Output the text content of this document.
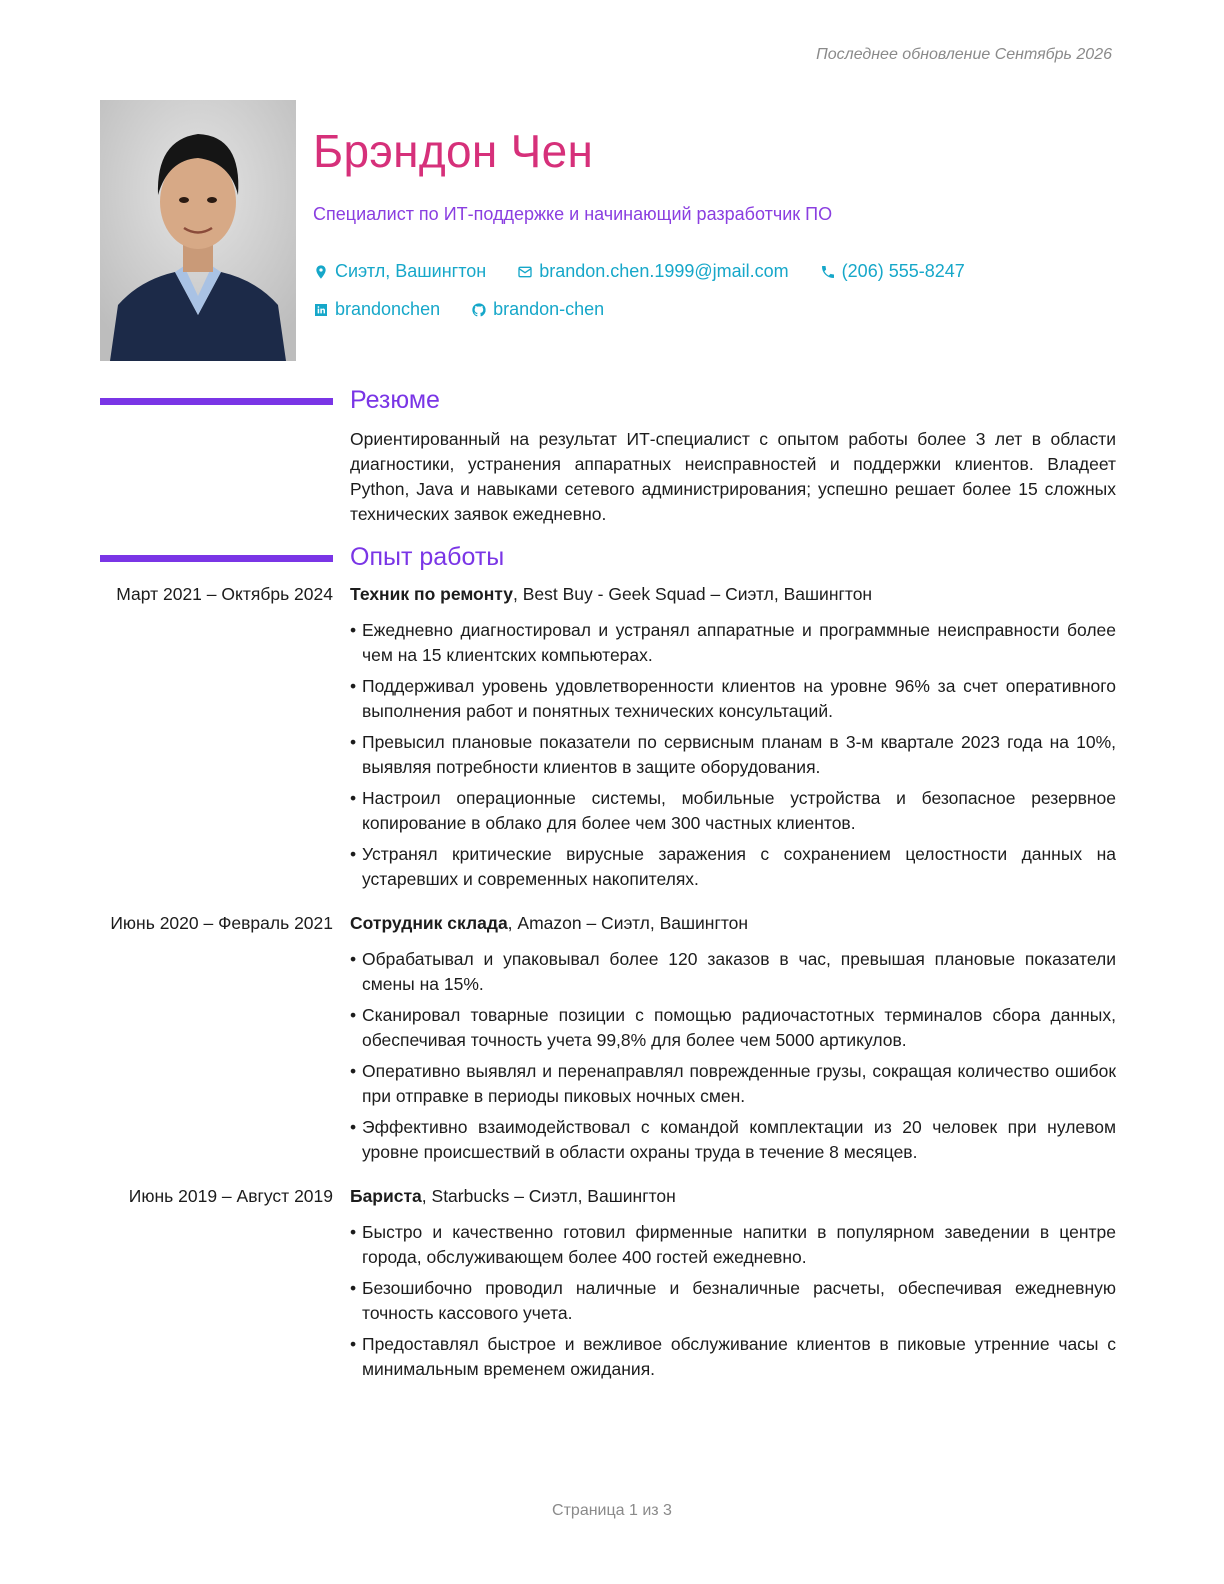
Последнее обновление Сентябрь 2026
Брэндон Чен
Специалист по ИТ-поддержке и начинающий разработчик ПО
Сиэтл, Вашингтон
	brandon.chen.1999@jmail.com
	(206) 555-8247
brandonchen
	brandon-chen
Резюме
Ориентированный на результат ИТ-специалист с опытом работы более 3 лет в области диагностики, устранения аппаратных неисправностей и поддержки клиентов. Владеет Python, Java и навыками сетевого администрирования; успешно решает более 15 сложных технических заявок ежедневно.
Опыт работы
Март 2021 – Октябрь 2024 Техник по ремонту, Best Buy - Geek Squad – Сиэтл, Вашингтон
• Ежедневно диагностировал и устранял аппаратные и программные неисправности более чем на 15 клиентских компьютерах.
• Поддерживал уровень удовлетворенности клиентов на уровне 96% за счет оперативного выполнения работ и понятных технических консультаций.
• Превысил плановые показатели по сервисным планам в 3-м квартале 2023 года на 10%, выявляя потребности клиентов в защите оборудования.
• Настроил операционные системы, мобильные устройства и безопасное резервное копирование в облако для более чем 300 частных клиентов.
• Устранял критические вирусные заражения с сохранением целостности данных на устаревших и современных накопителях.
Июнь 2020 – Февраль 2021 Сотрудник склада, Amazon – Сиэтл, Вашингтон
• Обрабатывал и упаковывал более 120 заказов в час, превышая плановые показатели смены на 15%.
• Сканировал товарные позиции с помощью радиочастотных терминалов сбора данных, обеспечивая точность учета 99,8% для более чем 5000 артикулов.
• Оперативно выявлял и перенаправлял поврежденные грузы, сокращая количество ошибок при отправке в периоды пиковых ночных смен.
• Эффективно взаимодействовал с командой комплектации из 20 человек при нулевом уровне происшествий в области охраны труда в течение 8 месяцев.
Июнь 2019 – Август 2019 Бариста, Starbucks – Сиэтл, Вашингтон
• Быстро и качественно готовил фирменные напитки в популярном заведении в центре города, обслуживающем более 400 гостей ежедневно.
• Безошибочно проводил наличные и безналичные расчеты, обеспечивая ежедневную точность кассового учета.
• Предоставлял быстрое и вежливое обслуживание клиентов в пиковые утренние часы с минимальным временем ожидания.
Страница 1 из 3
